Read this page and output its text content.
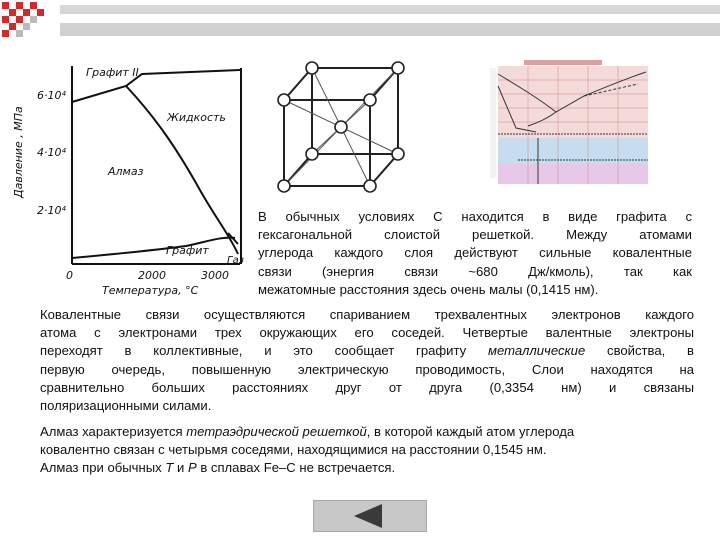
Давление , МПа
Температура, °С
6·10⁴
4·10⁴
2·10⁴
0	2000	3000
Графит II
Жидкость
Алмаз
Графит
Газ
В обычных условиях С находится в виде графита с
гексагональной слоистой решеткой. Между атомами
углерода каждого слоя действуют сильные ковалентные
связи (энергия связи ~680 Дж/кмоль), так как
межатомные расстояния здесь очень малы (0,1415 нм).
Ковалентные связи осуществляются спариванием трехвалентных электронов каждого
атома с электронами трех окружающих его соседей. Четвертые валентные электроны
переходят в коллективные, и это сообщает графиту металлические свойства, в
первую очередь, повышенную электрическую проводимость, Слои находятся на
сравнительно больших расстояниях друг от друга (0,3354 нм) и связаны
поляризационными силами.
Алмаз характеризуется тетраэдрической решеткой, в которой каждый атом углерода
ковалентно связан с четырьмя соседями, находящимися на расстоянии 0,1545 нм.
Алмаз при обычных T и P в сплавах Fe–C не встречается.
